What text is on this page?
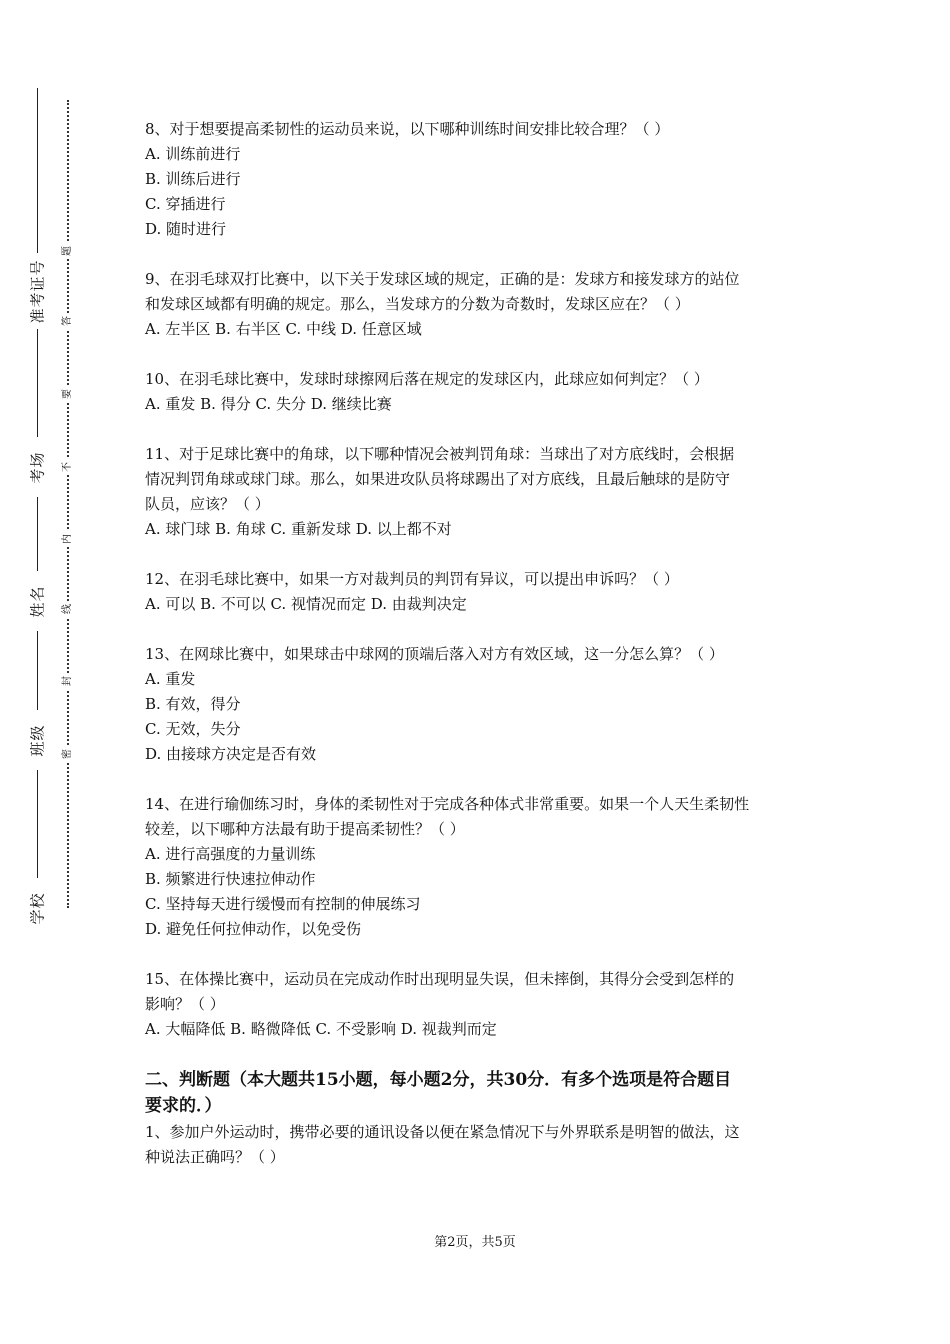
准考证号
考场
姓名
班级
学校
题
答
要
不
内
线
封
密
8、对于想要提高柔韧性的运动员来说，以下哪种训练时间安排比较合理？（ ）
A. 训练前进行
B. 训练后进行
C. 穿插进行
D. 随时进行
9、在羽毛球双打比赛中，以下关于发球区域的规定，正确的是：发球方和接发球方的站位
和发球区域都有明确的规定。那么，当发球方的分数为奇数时，发球区应在？（ ）
A. 左半区 B. 右半区 C. 中线 D. 任意区域
10、在羽毛球比赛中，发球时球擦网后落在规定的发球区内，此球应如何判定？（ ）
A. 重发 B. 得分 C. 失分 D. 继续比赛
11、对于足球比赛中的角球，以下哪种情况会被判罚角球：当球出了对方底线时，会根据
情况判罚角球或球门球。那么，如果进攻队员将球踢出了对方底线，且最后触球的是防守
队员，应该？（ ）
A. 球门球 B. 角球 C. 重新发球 D. 以上都不对
12、在羽毛球比赛中，如果一方对裁判员的判罚有异议，可以提出申诉吗？（ ）
A. 可以 B. 不可以 C. 视情况而定 D. 由裁判决定
13、在网球比赛中，如果球击中球网的顶端后落入对方有效区域，这一分怎么算？（ ）
A. 重发
B. 有效，得分
C. 无效，失分
D. 由接球方决定是否有效
14、在进行瑜伽练习时，身体的柔韧性对于完成各种体式非常重要。如果一个人天生柔韧性
较差，以下哪种方法最有助于提高柔韧性？（ ）
A. 进行高强度的力量训练
B. 频繁进行快速拉伸动作
C. 坚持每天进行缓慢而有控制的伸展练习
D. 避免任何拉伸动作，以免受伤
15、在体操比赛中，运动员在完成动作时出现明显失误，但未摔倒，其得分会受到怎样的
影响？（ ）
A. 大幅降低 B. 略微降低 C. 不受影响 D. 视裁判而定
二、判断题（本大题共15小题，每小题2分，共30分．有多个选项是符合题目
要求的．）
1、参加户外运动时，携带必要的通讯设备以便在紧急情况下与外界联系是明智的做法，这
种说法正确吗？（ ）
第2页，共5页
